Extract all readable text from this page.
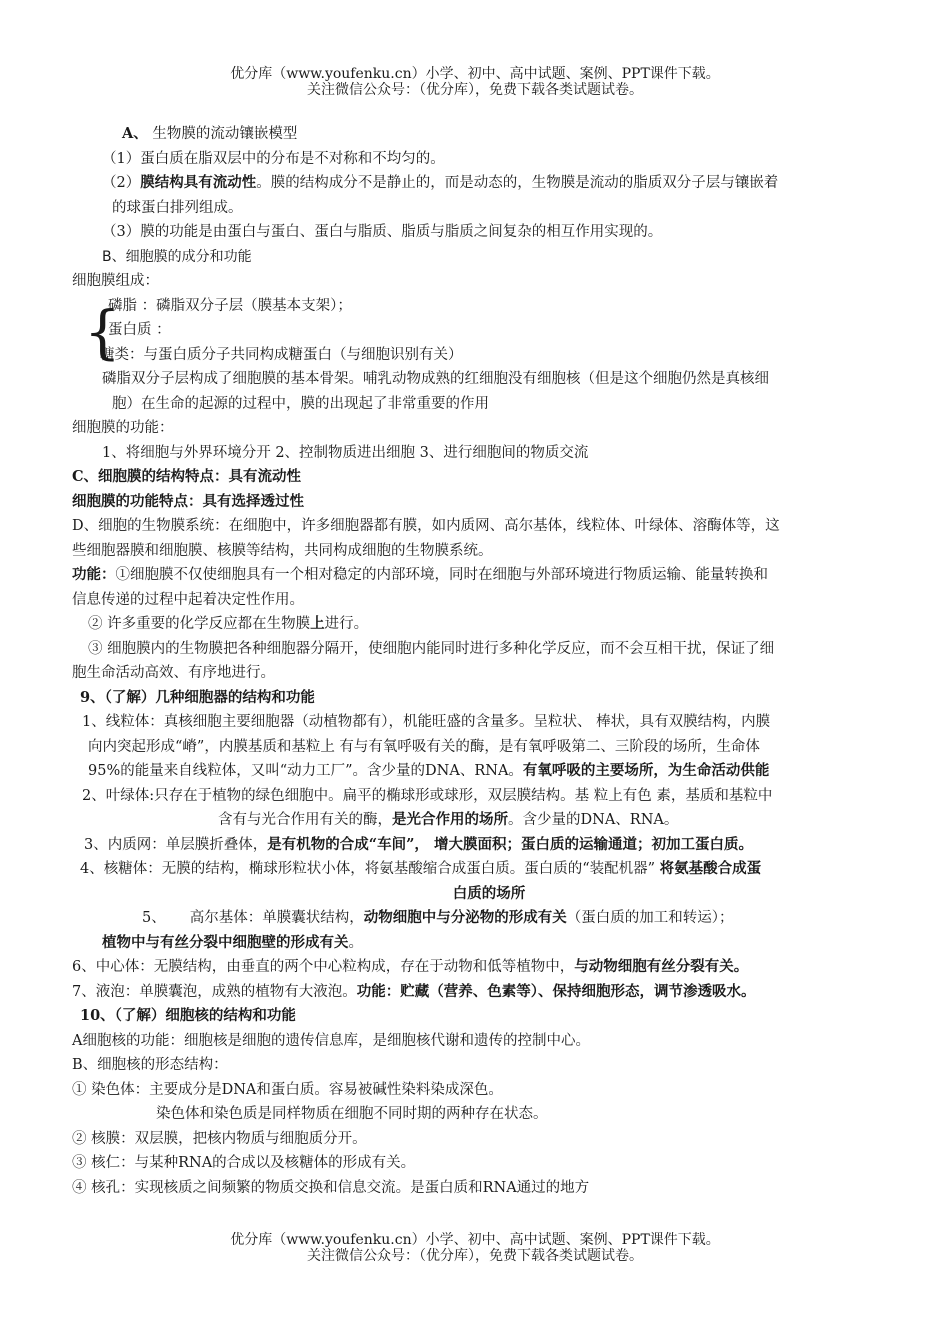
优分库（www.youfenku.cn）小学、初中、高中试题、案例、PPT课件下载。
关注微信公众号：（优分库），免费下载各类试题试卷。
{
A、 生物膜的流动镶嵌模型
（1）蛋白质在脂双层中的分布是不对称和不均匀的。
（2）膜结构具有流动性。膜的结构成分不是静止的，而是动态的，生物膜是流动的脂质双分子层与镶嵌着
的球蛋白排列组成。
（3）膜的功能是由蛋白与蛋白、蛋白与脂质、脂质与脂质之间复杂的相互作用实现的。
B、细胞膜的成分和功能
细胞膜组成：
磷脂 ：磷脂双分子层（膜基本支架）；
蛋白质 ：
糖类：与蛋白质分子共同构成糖蛋白（与细胞识别有关）
磷脂双分子层构成了细胞膜的基本骨架。哺乳动物成熟的红细胞没有细胞核（但是这个细胞仍然是真核细
胞）在生命的起源的过程中，膜的出现起了非常重要的作用
细胞膜的功能：
1、将细胞与外界环境分开 2、控制物质进出细胞 3、进行细胞间的物质交流
C、细胞膜的结构特点：具有流动性
细胞膜的功能特点：具有选择透过性
D、细胞的生物膜系统：在细胞中，许多细胞器都有膜，如内质网、高尔基体，线粒体、叶绿体、溶酶体等，这
些细胞器膜和细胞膜、核膜等结构，共同构成细胞的生物膜系统。
功能：①细胞膜不仅使细胞具有一个相对稳定的内部环境，同时在细胞与外部环境进行物质运输、能量转换和
信息传递的过程中起着决定性作用。
② 许多重要的化学反应都在生物膜上进行。
③ 细胞膜内的生物膜把各种细胞器分隔开，使细胞内能同时进行多种化学反应，而不会互相干扰，保证了细
胞生命活动高效、有序地进行。
9、（了解）几种细胞器的结构和功能
1、线粒体：真核细胞主要细胞器（动植物都有），机能旺盛的含量多。呈粒状、 棒状，具有双膜结构，内膜
向内突起形成“嵴”，内膜基质和基粒上 有与有氧呼吸有关的酶，是有氧呼吸第二、三阶段的场所，生命体
95%的能量来自线粒体，又叫“动力工厂”。含少量的DNA、RNA。有氧呼吸的主要场所，为生命活动供能
2、叶绿体:只存在于植物的绿色细胞中。扁平的椭球形或球形，双层膜结构。基 粒上有色 素，基质和基粒中
含有与光合作用有关的酶，是光合作用的场所。含少量的DNA、RNA。
3、内质网：单层膜折叠体，是有机物的合成“车间”， 增大膜面积；蛋白质的运输通道；初加工蛋白质。
4、核糖体：无膜的结构，椭球形粒状小体，将氨基酸缩合成蛋白质。蛋白质的“装配机器” 将氨基酸合成蛋
白质的场所
5、 高尔基体：单膜囊状结构，动物细胞中与分泌物的形成有关（蛋白质的加工和转运）；
植物中与有丝分裂中细胞壁的形成有关。
6、中心体：无膜结构，由垂直的两个中心粒构成，存在于动物和低等植物中，与动物细胞有丝分裂有关。
7、液泡：单膜囊泡，成熟的植物有大液泡。功能：贮藏（营养、色素等）、保持细胞形态，调节渗透吸水。
10、（了解）细胞核的结构和功能
A细胞核的功能：细胞核是细胞的遗传信息库，是细胞核代谢和遗传的控制中心。
B、细胞核的形态结构：
① 染色体：主要成分是DNA和蛋白质。容易被碱性染料染成深色。
染色体和染色质是同样物质在细胞不同时期的两种存在状态。
② 核膜：双层膜，把核内物质与细胞质分开。
③ 核仁：与某种RNA的合成以及核糖体的形成有关。
④ 核孔：实现核质之间频繁的物质交换和信息交流。是蛋白质和RNA通过的地方
优分库（www.youfenku.cn）小学、初中、高中试题、案例、PPT课件下载。
关注微信公众号：（优分库），免费下载各类试题试卷。
